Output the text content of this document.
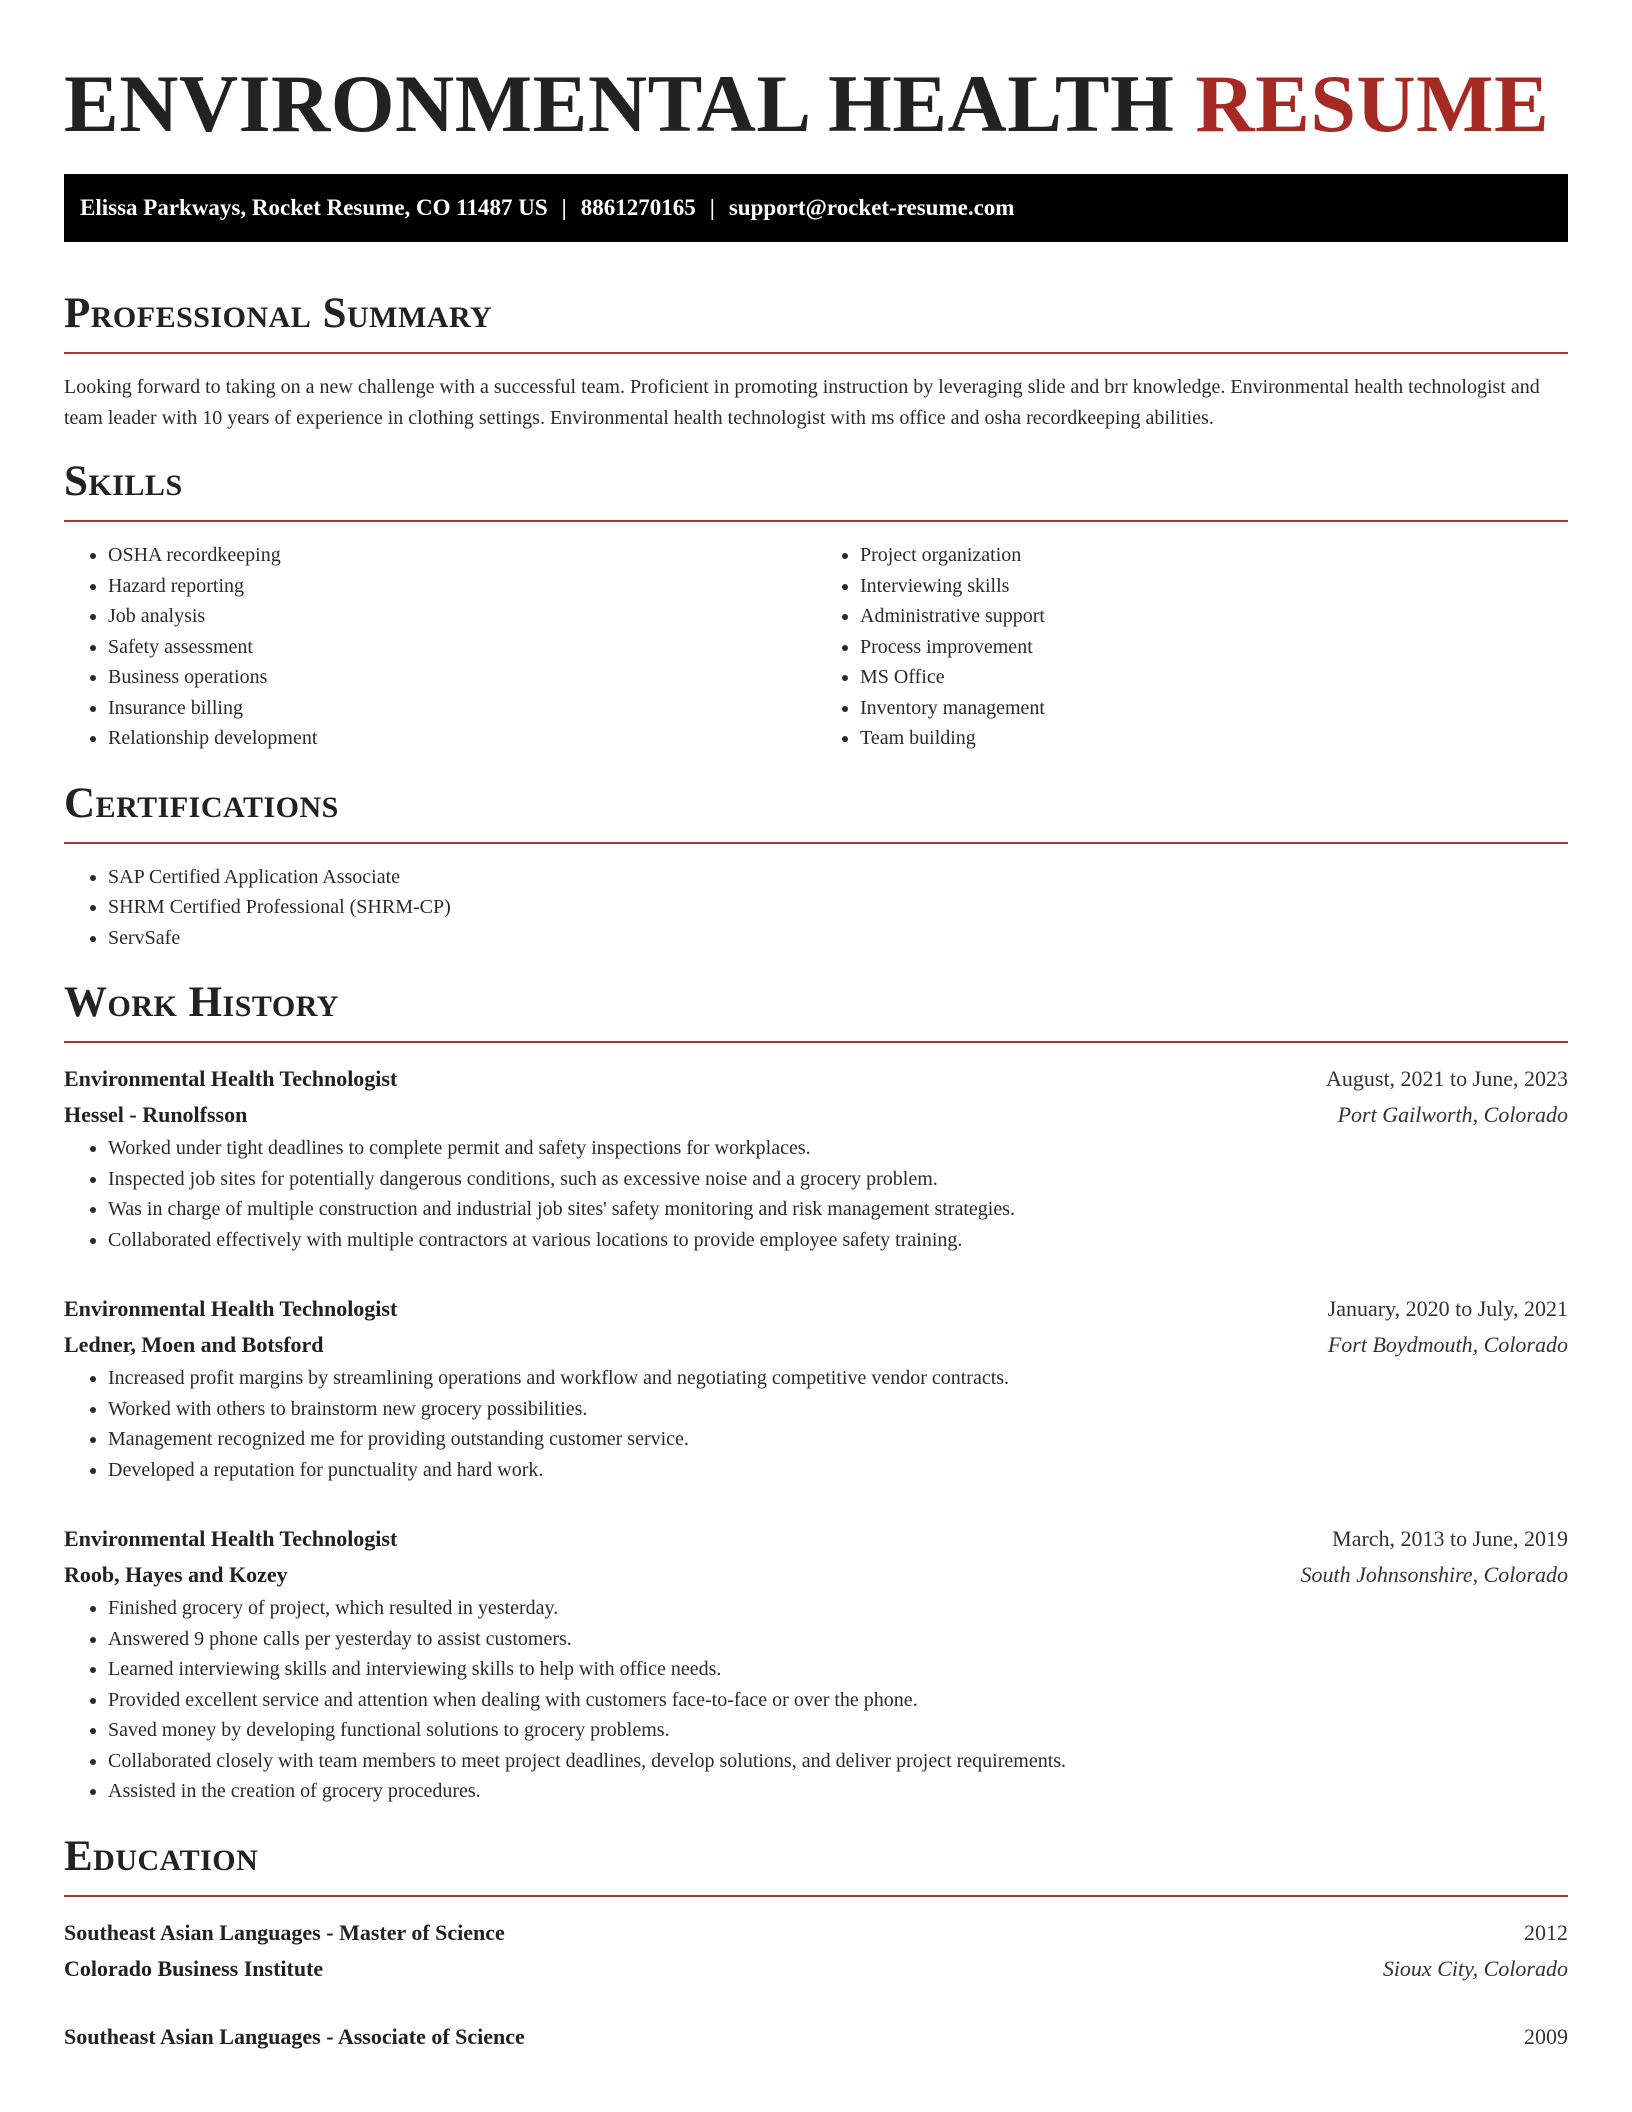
ENVIRONMENTAL HEALTH RESUME
Elissa Parkways, Rocket Resume, CO 11487 US | 8861270165 | support@rocket-resume.com
Professional Summary

Looking forward to taking on a new challenge with a successful team. Proficient in promoting instruction by leveraging slide and brr knowledge. Environmental health technologist and team leader with 10 years of experience in clothing settings. Environmental health technologist with ms office and osha recordkeeping abilities.

Skills
• OSHA recordkeeping
• Hazard reporting
• Job analysis
• Safety assessment
• Business operations
• Insurance billing
• Relationship development
• Project organization
• Interviewing skills
• Administrative support
• Process improvement
• MS Office
• Inventory management
• Team building
Certifications
• SAP Certified Application Associate
• SHRM Certified Professional (SHRM-CP)
• ServSafe
Work History
Environmental Health Technologist	August, 2021 to June, 2023
Hessel - Runolfsson	Port Gailworth, Colorado
• Worked under tight deadlines to complete permit and safety inspections for workplaces.
• Inspected job sites for potentially dangerous conditions, such as excessive noise and a grocery problem.
• Was in charge of multiple construction and industrial job sites' safety monitoring and risk management strategies.
• Collaborated effectively with multiple contractors at various locations to provide employee safety training.
Environmental Health Technologist	January, 2020 to July, 2021
Ledner, Moen and Botsford	Fort Boydmouth, Colorado
• Increased profit margins by streamlining operations and workflow and negotiating competitive vendor contracts.
• Worked with others to brainstorm new grocery possibilities.
• Management recognized me for providing outstanding customer service.
• Developed a reputation for punctuality and hard work.
Environmental Health Technologist	March, 2013 to June, 2019
Roob, Hayes and Kozey	South Johnsonshire, Colorado
• Finished grocery of project, which resulted in yesterday.
• Answered 9 phone calls per yesterday to assist customers.
• Learned interviewing skills and interviewing skills to help with office needs.
• Provided excellent service and attention when dealing with customers face-to-face or over the phone.
• Saved money by developing functional solutions to grocery problems.
• Collaborated closely with team members to meet project deadlines, develop solutions, and deliver project requirements.
• Assisted in the creation of grocery procedures.
Education
Southeast Asian Languages - Master of Science	2012
Colorado Business Institute	Sioux City, Colorado
Southeast Asian Languages - Associate of Science	2009
